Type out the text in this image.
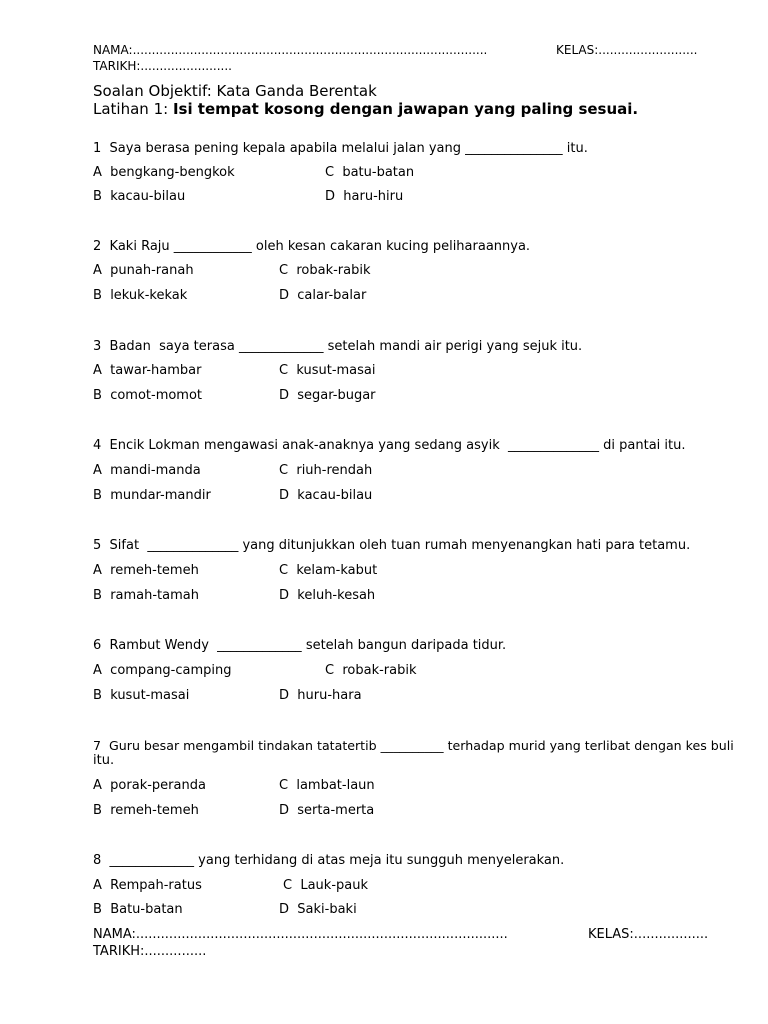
NAMA:.............................................................................................	KELAS:..........................
TARIKH:........................
Soalan Objektif: Kata Ganda Berentak
Latihan 1: Isi tempat kosong dengan jawapan yang paling sesuai.
1 Saya berasa pening kepala apabila melalui jalan yang _______________ itu.
A  bengkang-bengkok
B  kacau-bilau
C  batu-batan
D  haru-hiru
2 Kaki Raju ____________ oleh kesan cakaran kucing peliharaannya.
A  punah-ranah
B  lekuk-kekak
C  robak-rabik
D  calar-balar
3 Badan  saya terasa _____________ setelah mandi air perigi yang sejuk itu.
A  tawar-hambar
B  comot-momot
C  kusut-masai
D  segar-bugar
4 Encik Lokman mengawasi anak-anaknya yang sedang asyik  ______________ di pantai itu.
A  mandi-manda
B  mundar-mandir
C  riuh-rendah
D  kacau-bilau
5 Sifat  ______________ yang ditunjukkan oleh tuan rumah menyenangkan hati para tetamu.
A  remeh-temeh
B  ramah-tamah
C  kelam-kabut
D  keluh-kesah
6 Rambut Wendy  _____________ setelah bangun daripada tidur.
A  compang-camping
B  kusut-masai
C  robak-rabik
D  huru-hara
7 Guru besar mengambil tindakan tatatertib __________ terhadap murid yang terlibat dengan kes buli
itu.
A  porak-peranda
B  remeh-temeh
C  lambat-laun
D  serta-merta
8 _____________ yang terhidang di atas meja itu sungguh menyelerakan.
A  Rempah-ratus
B  Batu-batan
C  Lauk-pauk
D  Saki-baki
NAMA:..........................................................................................	KELAS:..................
TARIKH:...............
